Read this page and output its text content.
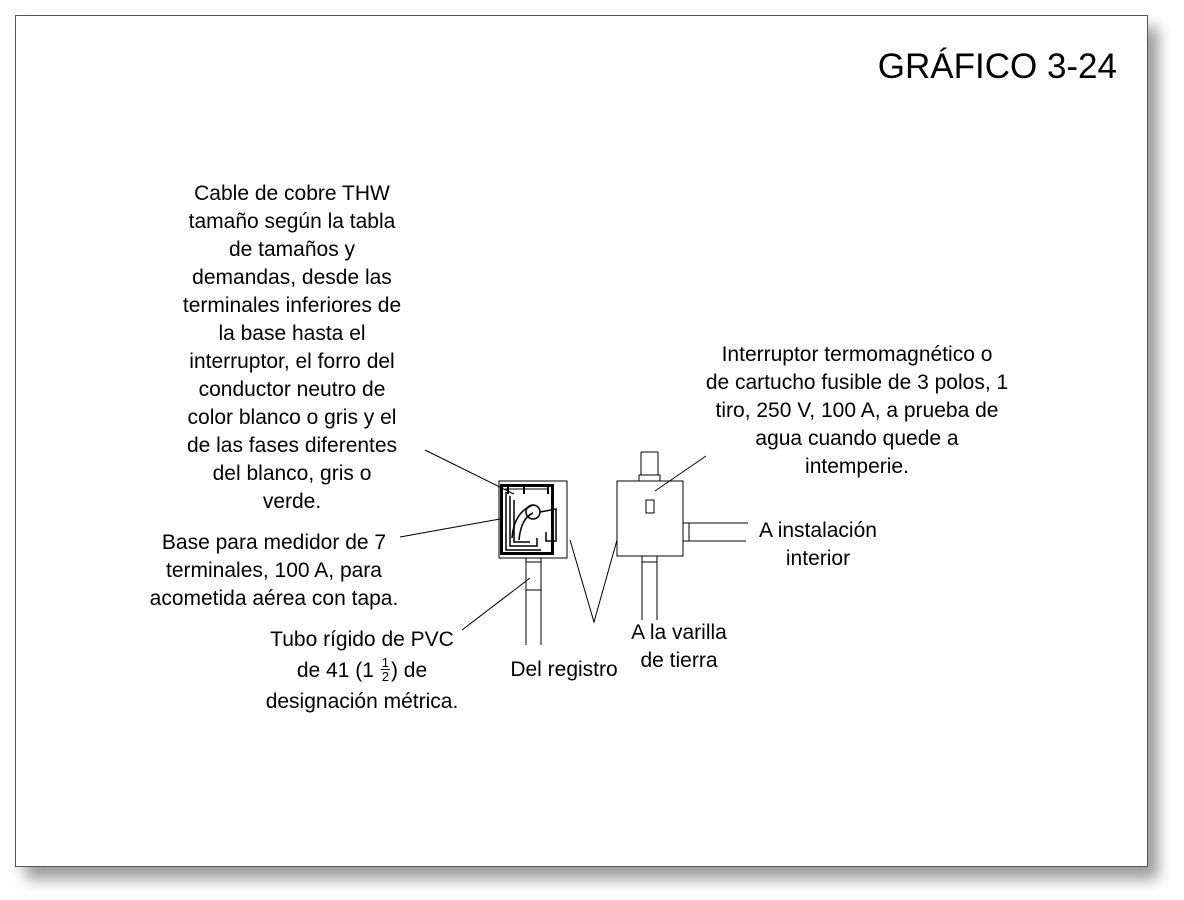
GRÁFICO 3-24
Cable de cobre THW
tamaño según la tabla
de tamaños y
demandas, desde las
terminales inferiores de
la base hasta el
interruptor, el forro del
conductor neutro de
color blanco o gris y el
de las fases diferentes
del blanco, gris o
verde.
Base para medidor de 7
terminales, 100 A, para
acometida aérea con tapa.
Tubo rígido de PVC
de 41 ($1 \frac{1}{2}$ ) de
designación métrica.
Del registro
A la varilla
de tierra
A instalación
interior
Interruptor termomagnético o
de cartucho fusible de 3 polos, 1
tiro, 250 V, 100 A, a prueba de
agua cuando quede a
intemperie.
